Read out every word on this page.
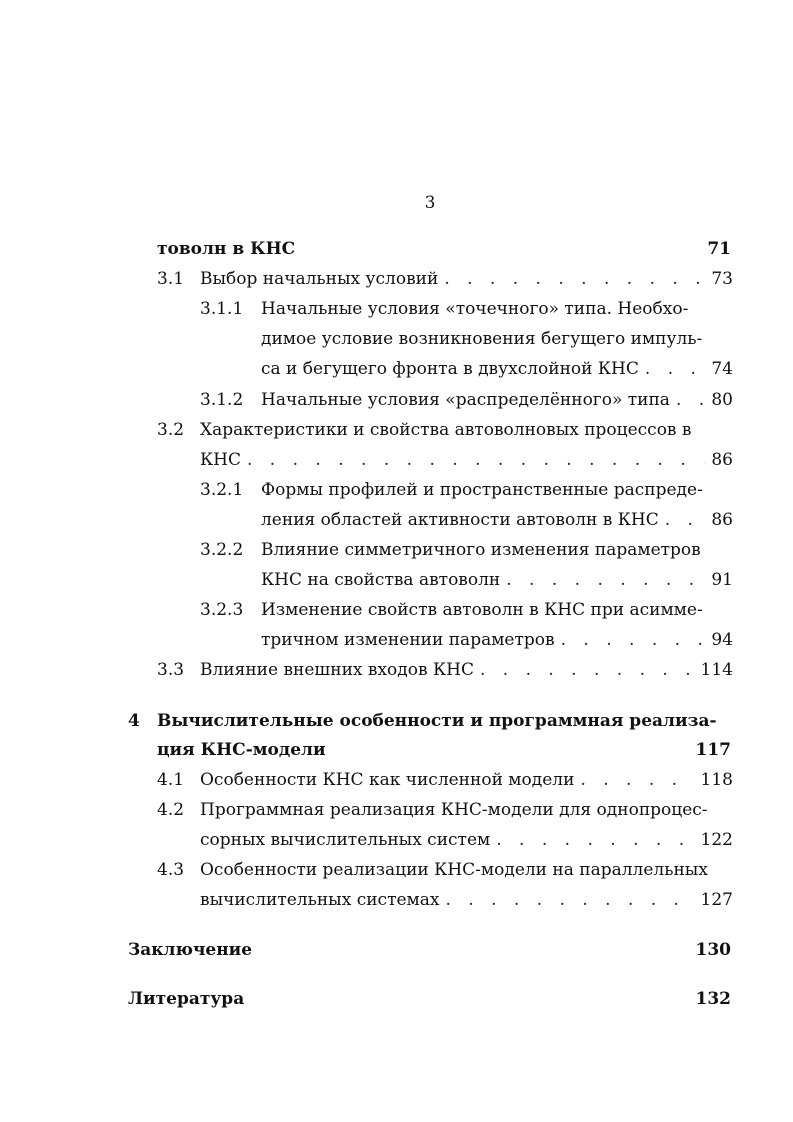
3
товолн в КНС	71
3.1 Выбор начальных условий . . .	73
3.1.1 Начальные условия «точечного» типа. Необхо-
димое условие возникновения бегущего импуль-
са и бегущего фронта в двухслойной КНС . . .	74
3.1.2 Начальные условия «распределённого» типа . . . 80
3.2 Характеристики и свойства автоволновых процессов в
КНС . . .	86
3.2.1 Формы профилей и пространственные распреде-
ления областей активности автоволн в КНС . . .	86
3.2.2 Влияние симметричного изменения параметров
КНС на свойства автоволн . . .	91
3.2.3 Изменение свойств автоволн в КНС при асимме-
тричном изменении параметров . . .	94
3.3 Влияние внешних входов КНС . . .	114
4 Вычислительные особенности и программная реализа-
ция КНС-модели	117
4.1 Особенности КНС как численной модели . . .	118
4.2 Программная реализация КНС-модели для однопроцес-
сорных вычислительных систем . . .	122
4.3 Особенности реализации КНС-модели на параллельных
вычислительных системах . . .	127
Заключение	130
Литература	132
